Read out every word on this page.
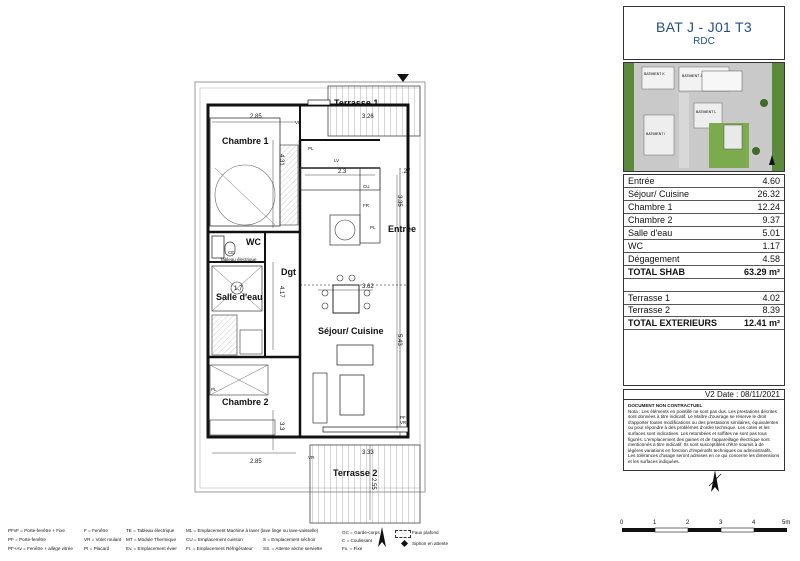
Terrasse 1
Chambre 1
WC
Entrée
Dgt
Salle d'eau
Séjour/ Cuisine
Chambre 2
Terrasse 2
2.85	3.26
4.31
2.3	.27
3.35
1.7	4.17	3.62
5.43
3.3
2.85
3.33
2.55
VR
VR
VR
PF
CU
FR
PL
PL
PL
LV
Tableau électrique
CE
BAT J - J01 T3
RDC
BATIMENT J
BATIMENT K
BATIMENT L
BATIMENT I
Entrée	4.60
Séjour/ Cuisine	26.32
Chambre 1	12.24
Chambre 2	9.37
Salle d'eau	5.01
WC	1.17
Dégagement	4.58
TOTAL SHAB	63.29 m²
Terrasse 1	4.02
Terrasse 2	8.39
TOTAL EXTERIEURS	12.41 m²
V2 Date : 08/11/2021
DOCUMENT NON CONTRACTUEL
Nota : Les éléments en pointillé ne sont pas dus. Les prestations décrites sont données à titre indicatif. Le Maître d'ouvrage se réserve le droit d'apporter toutes modifications ou des prestations similaires, équivalentes ou pour répondre à des problèmes d'ordre technique. Les cotes et les surfaces sont indicatives. Les retombées et soffites ne sont pas tous figurés. L'emplacement des gaines et de l'appareillage électrique sont mentionnés à titre indicatif. Ils sont susceptibles d'être soumis à de légères variations en fonction d'impératifs techniques ou administratifs. Les tolérances d'usage seront admises en ce qui concerne les dimensions et les surfaces indiquées.
0	1	2	3	4	5m
PFvF = Porte-fenêtre + Fixe
PF = Porte-fenêtre
PF+Av = Fenêtre + allège vitrée
F = Fenêtre
VR = Volet roulant
PI = Placard
TE = Tableau électrique
MT = Module Thermique
Ev. = Emplacement évier
ML = Emplacement Machine à laver (lave linge ou lave-vaisselle)
CU = Emplacement cuisson
Fr. = Emplacement Réfrigérateur
S = Emplacement séchoir
SS. = Attente sèche serviette
GC = Garde-corps
C = Coulissant
Fx. = Fixe
Faux plafond
Siphon en attente
